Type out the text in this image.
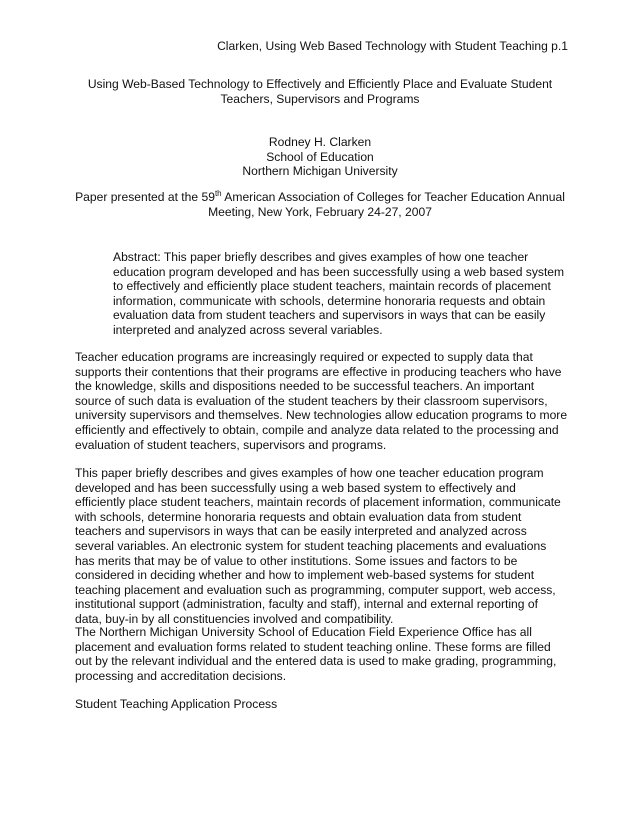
Clarken, Using Web Based Technology with Student Teaching p.1
Using Web-Based Technology to Effectively and Efficiently Place and Evaluate Student Teachers, Supervisors and Programs
Rodney H. Clarken
School of Education
Northern Michigan University
Paper presented at the 59th American Association of Colleges for Teacher Education Annual Meeting, New York, February 24-27, 2007

Abstract: This paper briefly describes and gives examples of how one teacher education program developed and has been successfully using a web based system to effectively and efficiently place student teachers, maintain records of placement information, communicate with schools, determine honoraria requests and obtain evaluation data from student teachers and supervisors in ways that can be easily interpreted and analyzed across several variables.

Teacher education programs are increasingly required or expected to supply data that supports their contentions that their programs are effective in producing teachers who have the knowledge, skills and dispositions needed to be successful teachers. An important source of such data is evaluation of the student teachers by their classroom supervisors, university supervisors and themselves. New technologies allow education programs to more efficiently and effectively to obtain, compile and analyze data related to the processing and evaluation of student teachers, supervisors and programs.

This paper briefly describes and gives examples of how one teacher education program developed and has been successfully using a web based system to effectively and efficiently place student teachers, maintain records of placement information, communicate with schools, determine honoraria requests and obtain evaluation data from student teachers and supervisors in ways that can be easily interpreted and analyzed across several variables. An electronic system for student teaching placements and evaluations has merits that may be of value to other institutions. Some issues and factors to be considered in deciding whether and how to implement web-based systems for student teaching placement and evaluation such as programming, computer support, web access, institutional support (administration, faculty and staff), internal and external reporting of data, buy-in by all constituencies involved and compatibility.

The Northern Michigan University School of Education Field Experience Office has all placement and evaluation forms related to student teaching online. These forms are filled out by the relevant individual and the entered data is used to make grading, programming, processing and accreditation decisions.

Student Teaching Application Process
